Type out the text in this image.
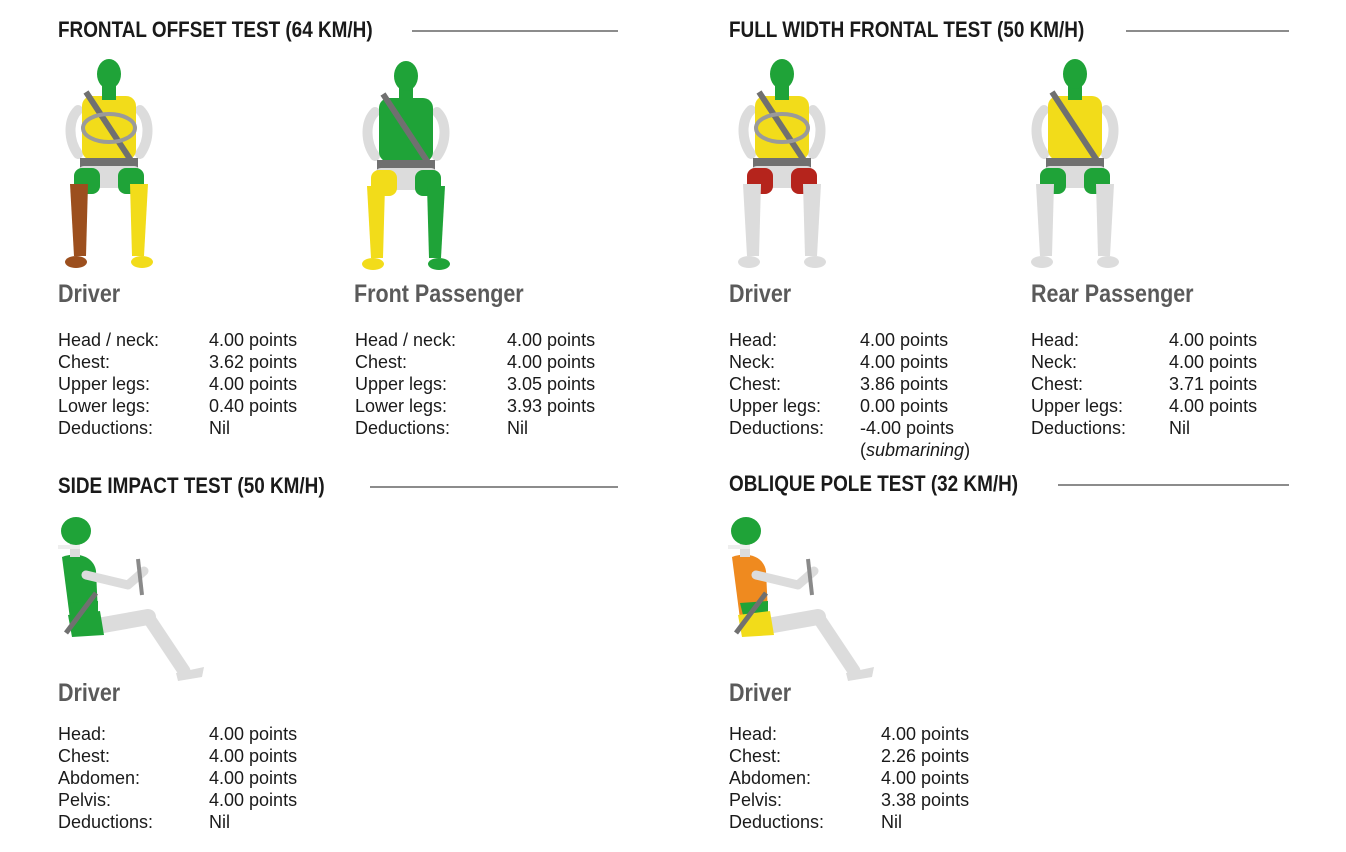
FRONTAL OFFSET TEST (64 KM/H)	FULL WIDTH FRONTAL TEST (50 KM/H)
SIDE IMPACT TEST (50 KM/H)	OBLIQUE POLE TEST (32 KM/H)
Driver	Front Passenger	Driver	Rear Passenger
Driver	Driver
Head / neck:	4.00 points
Chest:	3.62 points
Upper legs:	4.00 points
Lower legs:	0.40 points
Deductions:	Nil
Head / neck:	4.00 points
Chest:	4.00 points
Upper legs:	3.05 points
Lower legs:	3.93 points
Deductions:	Nil
Head:	4.00 points
Neck:	4.00 points
Chest:	3.86 points
Upper legs: 0.00 points
Deductions: -4.00 points
(submarining)
Head:	4.00 points
Neck:	4.00 points
Chest:	3.71 points
Upper legs:	4.00 points
Deductions: Nil
Head:	4.00 points
Chest:	4.00 points
Abdomen:	4.00 points
Pelvis:	4.00 points
Deductions:	Nil
Head:	4.00 points
Chest:	2.26 points
Abdomen:	4.00 points
Pelvis:	3.38 points
Deductions:	Nil
